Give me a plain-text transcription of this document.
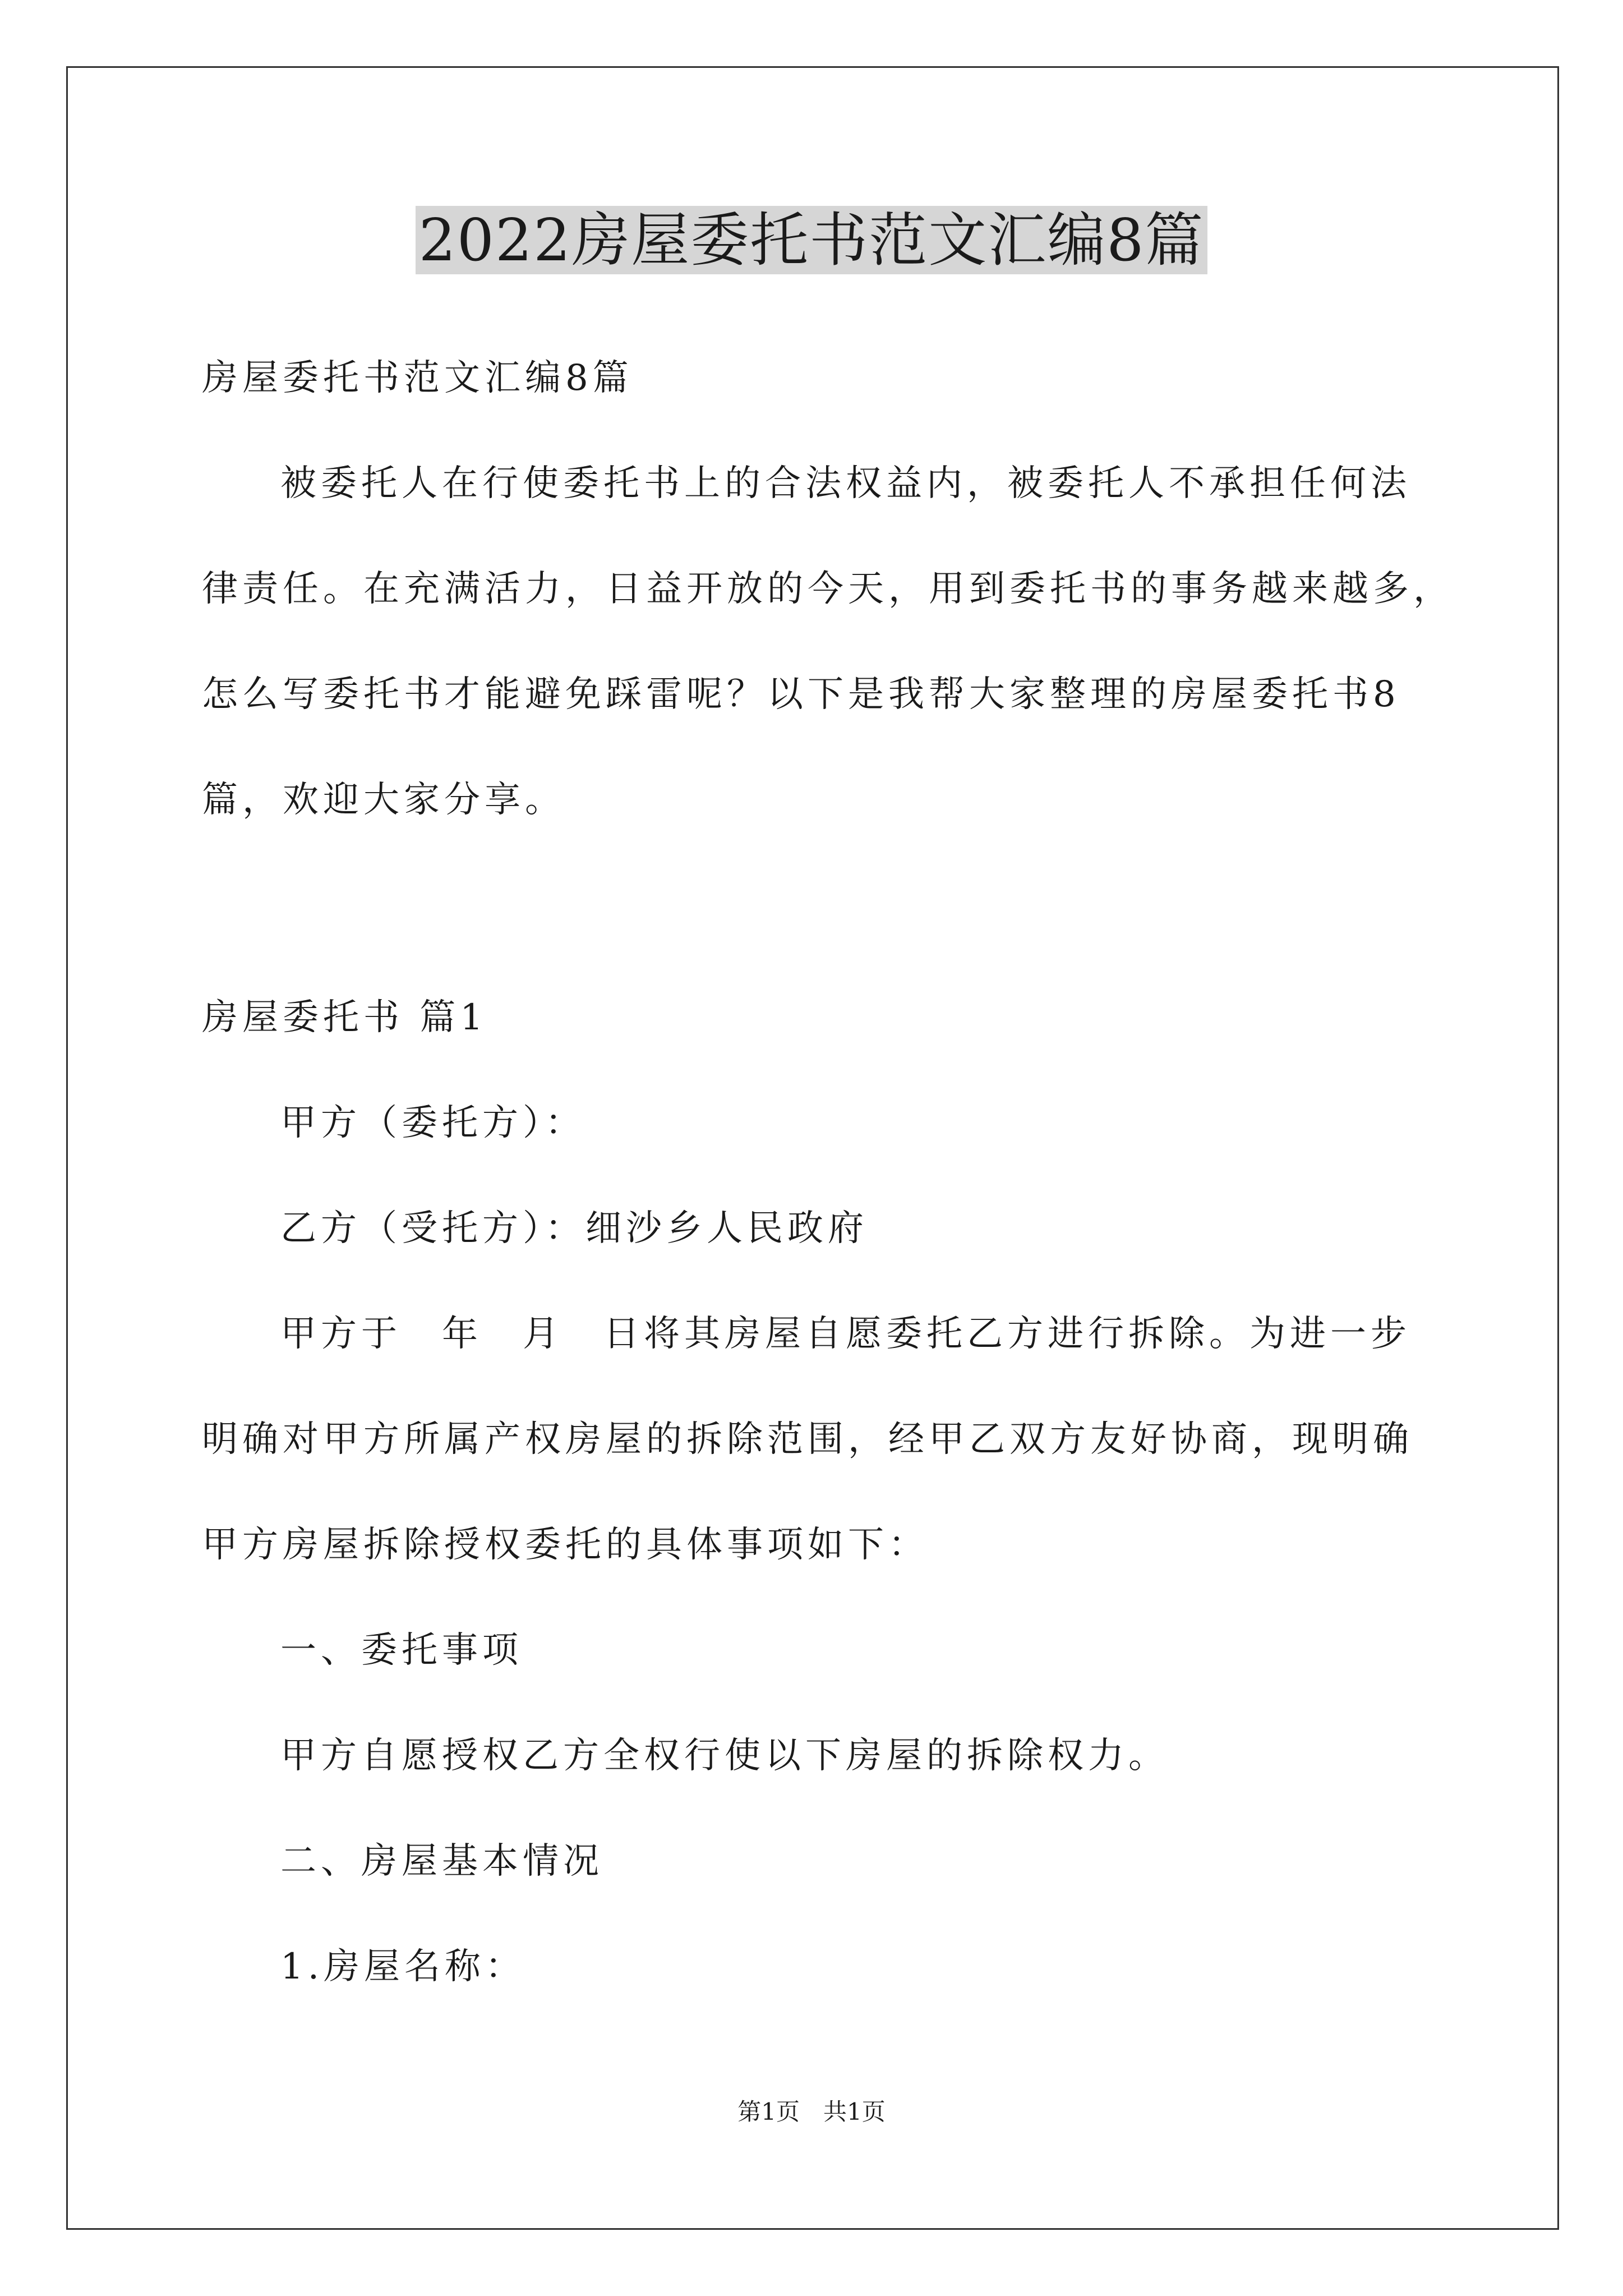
2022房屋委托书范文汇编8篇
房屋委托书范文汇编8篇
被委托人在行使委托书上的合法权益内，被委托人不承担任何法
律责任。在充满活力，日益开放的今天，用到委托书的事务越来越多，
怎么写委托书才能避免踩雷呢？以下是我帮大家整理的房屋委托书8
篇，欢迎大家分享。
房屋委托书 篇1
甲方（委托方）：
乙方（受托方）：细沙乡人民政府
甲方于　年　月　日将其房屋自愿委托乙方进行拆除。为进一步
明确对甲方所属产权房屋的拆除范围，经甲乙双方友好协商，现明确
甲方房屋拆除授权委托的具体事项如下：
一、委托事项
甲方自愿授权乙方全权行使以下房屋的拆除权力。
二、房屋基本情况
1.房屋名称：
第1页　共1页
